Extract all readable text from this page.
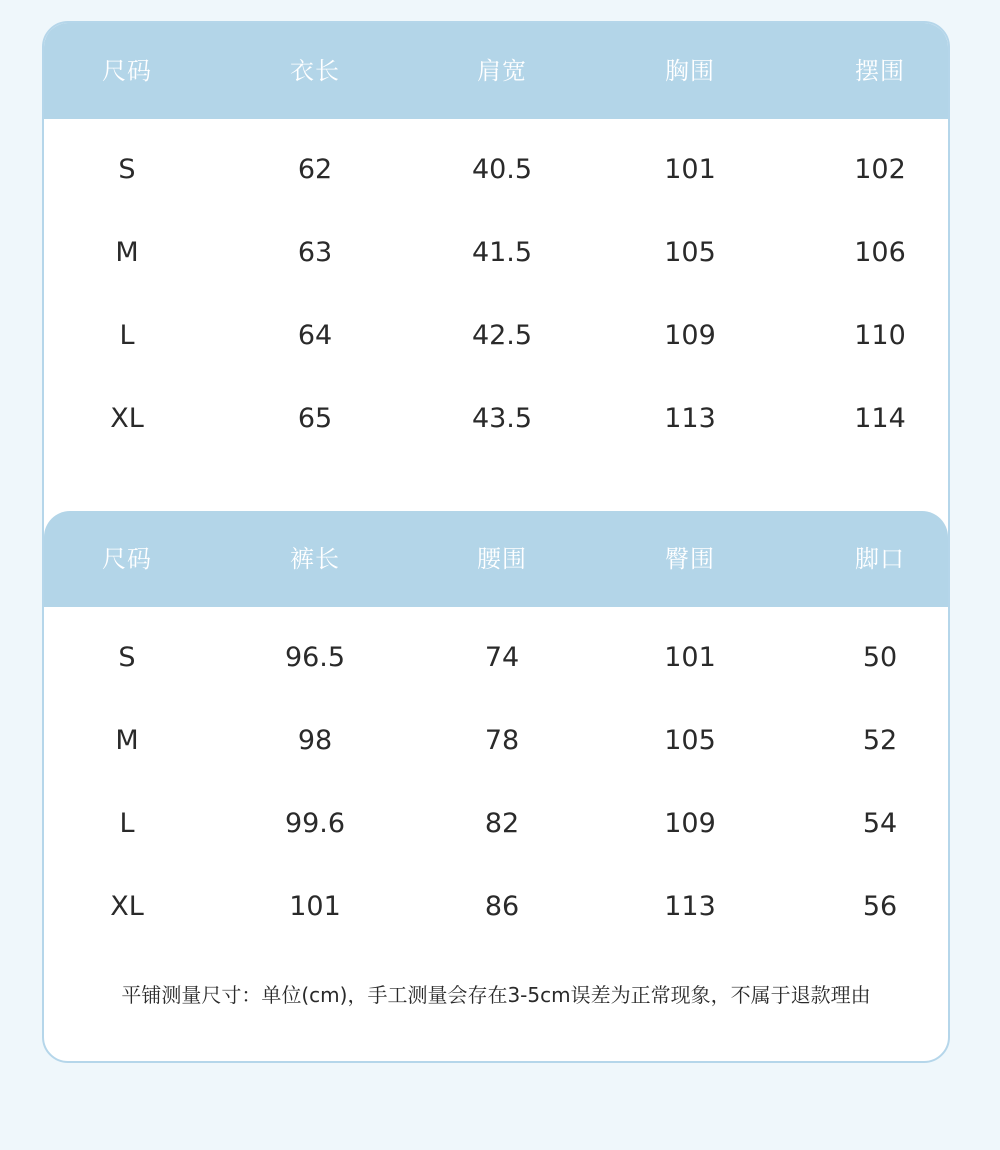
尺码	衣长	肩宽	胸围	摆围
S	62	40.5	101	102
M	63	41.5	105	106
L	64	42.5	109	110
XL	65	43.5	113	114
尺码	裤长	腰围	臀围	脚口
S	96.5	74	101	50
M	98	78	105	52
L	99.6	82	109	54
XL	101	86	113	56
平铺测量尺寸：单位(cm)，手工测量会存在3-5cm误差为正常现象，不属于退款理由
